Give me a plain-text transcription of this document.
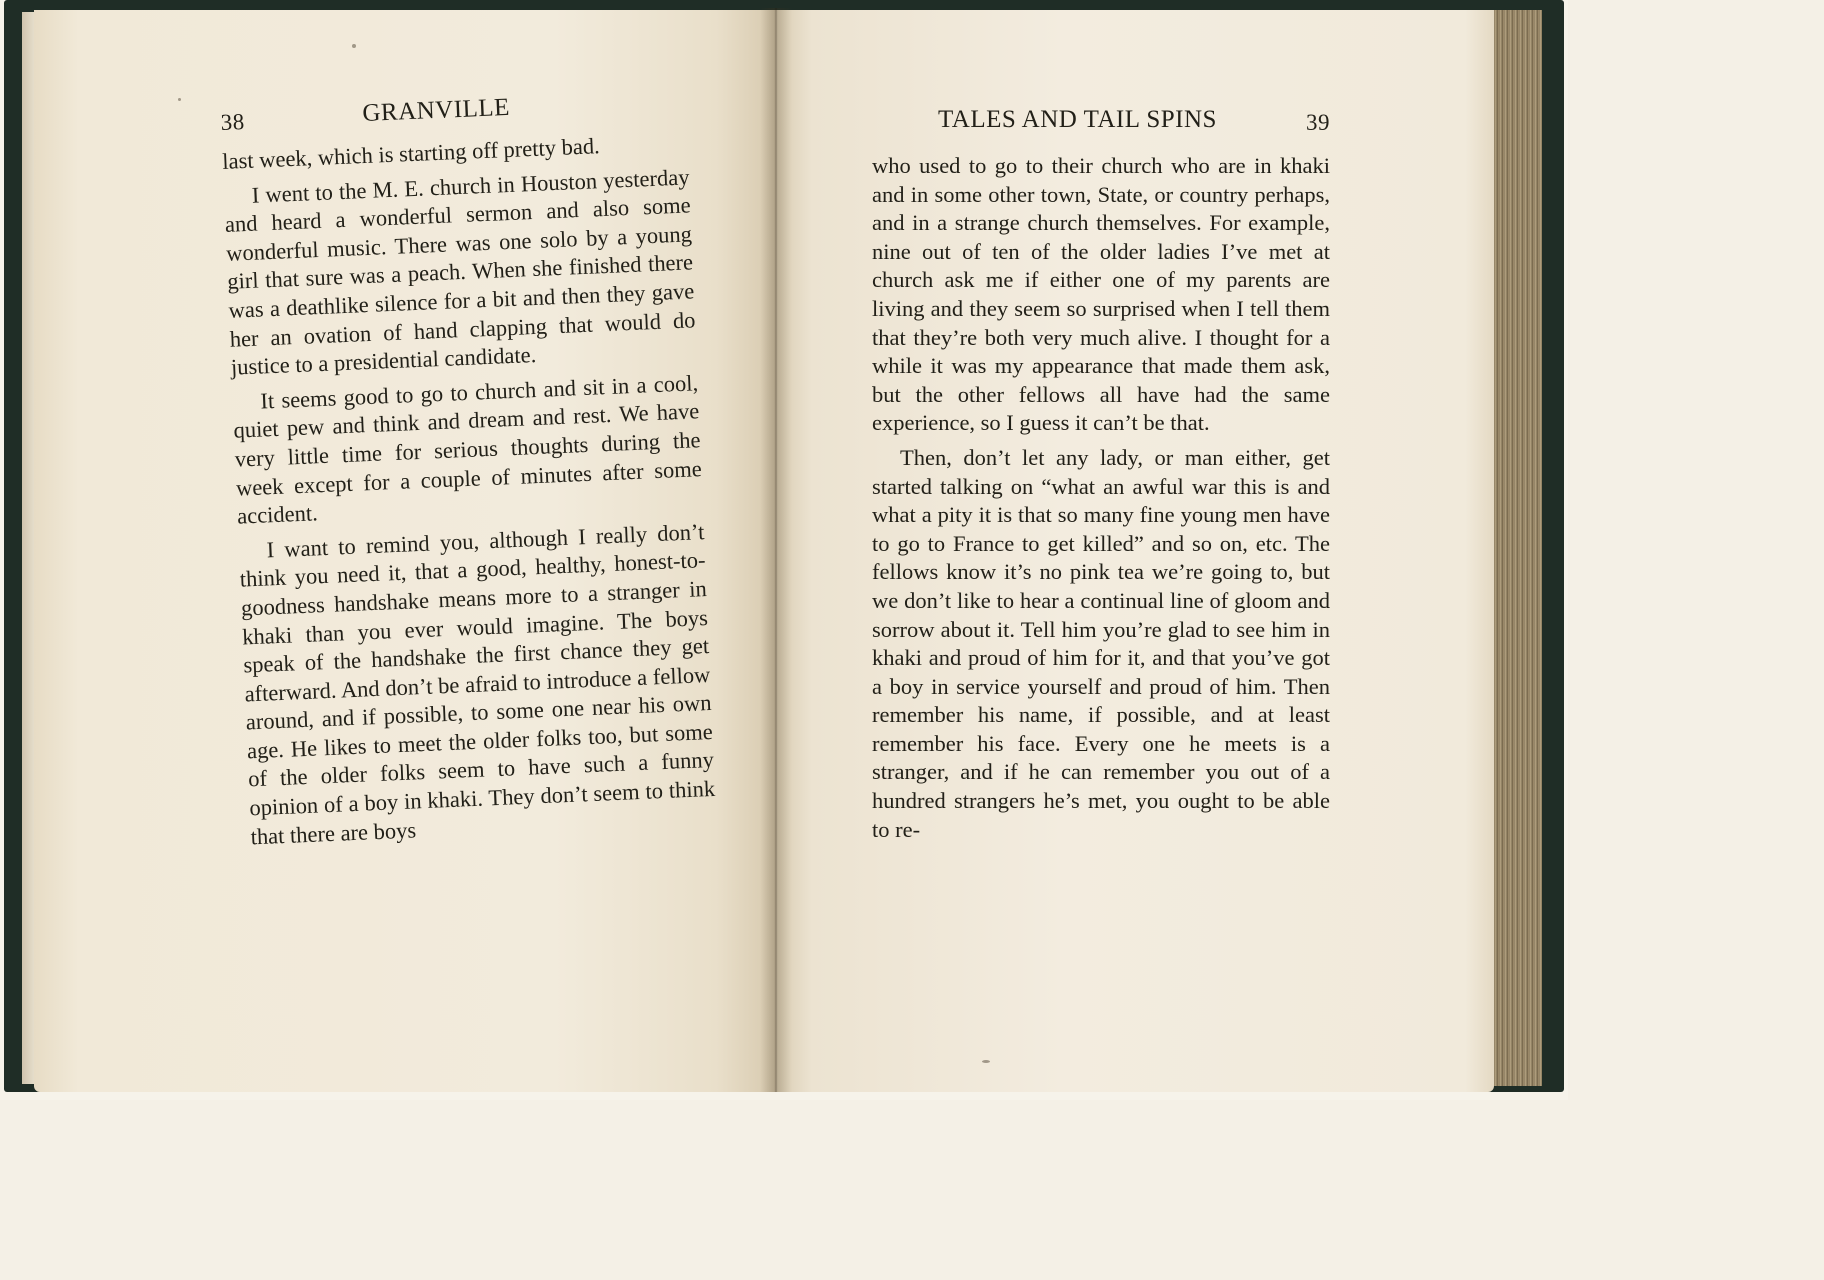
38	GRANVILLE

last week, which is starting off pretty bad.

I went to the M. E. church in Houston yesterday and heard a wonderful sermon and also some wonderful music. There was one solo by a young girl that sure was a peach. When she finished there was a deathlike silence for a bit and then they gave her an ovation of hand clapping that would do justice to a presidential candidate.

It seems good to go to church and sit in a cool, quiet pew and think and dream and rest. We have very little time for serious thoughts during the week except for a couple of minutes after some accident.

I want to remind you, although I really don’t think you need it, that a good, healthy, honest-to-goodness handshake means more to a stranger in khaki than you ever would imagine. The boys speak of the handshake the first chance they get afterward. And don’t be afraid to introduce a fellow around, and if possible, to some one near his own age. He likes to meet the older folks too, but some of the older folks seem to have such a funny opinion of a boy in khaki. They don’t seem to think that there are boys

TALES AND TAIL SPINS	39

who used to go to their church who are in khaki and in some other town, State, or country perhaps, and in a strange church themselves. For example, nine out of ten of the older ladies I’ve met at church ask me if either one of my parents are living and they seem so surprised when I tell them that they’re both very much alive. I thought for a while it was my appearance that made them ask, but the other fellows all have had the same experience, so I guess it can’t be that.

Then, don’t let any lady, or man either, get started talking on “what an awful war this is and what a pity it is that so many fine young men have to go to France to get killed” and so on, etc. The fellows know it’s no pink tea we’re going to, but we don’t like to hear a continual line of gloom and sorrow about it. Tell him you’re glad to see him in khaki and proud of him for it, and that you’ve got a boy in service yourself and proud of him. Then remember his name, if possible, and at least remember his face. Every one he meets is a stranger, and if he can remember you out of a hundred strangers he’s met, you ought to be able to re-
